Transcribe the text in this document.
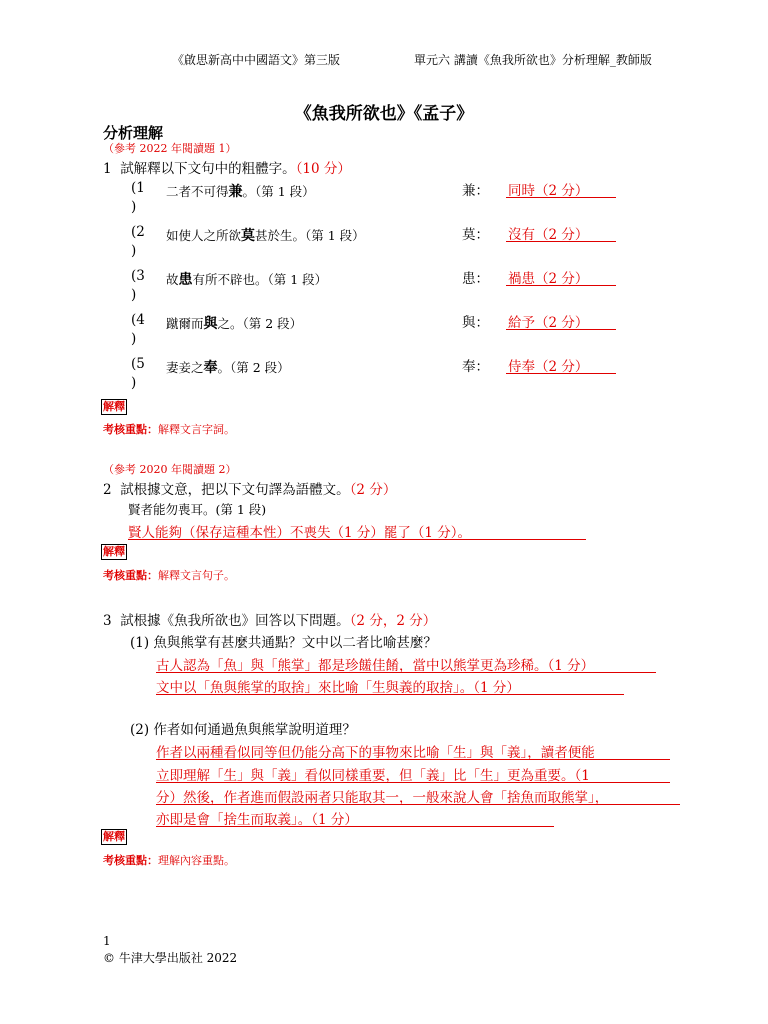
《啟思新高中中國語文》第三版	單元六 講讀《魚我所欲也》分析理解_教師版
《魚我所欲也》《孟子》
分析理解
（參考 2022 年閱讀題 1）
1 試解釋以下文句中的粗體字。（10 分）
(1
)
二者不可得兼。（第 1 段）	兼： 同時（2 分）
(2
)
如使人之所欲莫甚於生。（第 1 段）	莫： 沒有（2 分）
(3
)
故患有所不辟也。（第 1 段）	患： 禍患（2 分）
(4
)
蹴爾而與之。（第 2 段）	與： 給予（2 分）
(5
)
妻妾之奉。（第 2 段）	奉： 侍奉（2 分）
解釋
考核重點：解釋文言字詞。
（參考 2020 年閱讀題 2）
2 試根據文意，把以下文句譯為語體文。（2 分）
賢者能勿喪耳。(第 1 段)
賢人能夠（保存這種本性）不喪失（1 分）罷了（1 分）。
解釋
考核重點：解釋文言句子。
3 試根據《魚我所欲也》回答以下問題。（2 分，2 分）
(1) 魚與熊掌有甚麼共通點？文中以二者比喻甚麼？
古人認為「魚」與「熊掌」都是珍饈佳餚，當中以熊掌更為珍稀。（1 分）
文中以「魚與熊掌的取捨」來比喻「生與義的取捨」。（1 分）
(2) 作者如何通過魚與熊掌說明道理？
作者以兩種看似同等但仍能分高下的事物來比喻「生」與「義」，讀者便能
立即理解「生」與「義」看似同樣重要，但「義」比「生」更為重要。（1
分）然後，作者進而假設兩者只能取其一，一般來說人會「捨魚而取熊掌」，
亦即是會「捨生而取義」。（1 分）
解釋
考核重點：理解內容重點。
1
© 牛津大學出版社 2022
